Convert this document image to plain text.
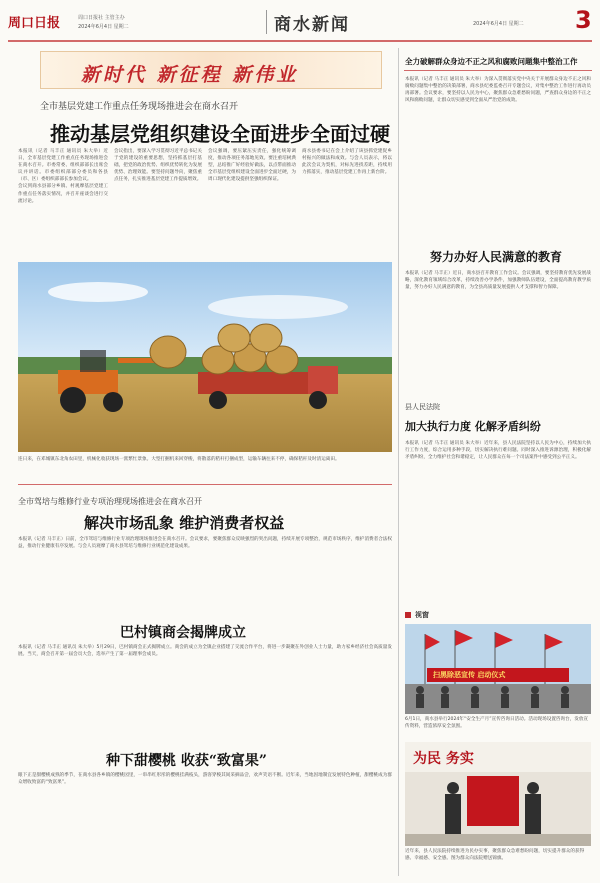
周口日报	周口日报社 主管主办
2024年6月4日 星期二	商水新闻	2024年6月4日 星期二 3
新时代 新征程 新伟业
全市基层党建工作重点任务现场推进会在商水召开
推动基层党组织建设全面进步全面过硬
本报讯（记者 马丰正 通讯员 朱大举）近日，全市基层党建工作重点任务现场推进会在商水召开。市委常委、组织部部长出席会议并讲话。市委组织部部分委员和各县（市、区）委组织部部长参加会议。
会议到商水县部分乡镇、村观摩基层党建工作重点任务落实情况，并召开座谈会进行交流讨论。
会议指出，要深入学习贯彻习近平总书记关于党的建设的重要思想，坚持抓基层打基础，把党的政治优势、组织优势转化为发展优势、治理效能。要坚持问题导向，聚焦重点任务，扎实推进基层党建工作提质增效。
会议强调，要压紧压实责任，强化统筹调度，推动各项任务落地见效。要注重培树典型，总结推广好经验好做法，以点带面推动全市基层党组织建设全面进步全面过硬，为周口现代化建设提供坚强组织保证。
商水县委书记在会上介绍了该县抓党建促乡村振兴的做法和成效。与会人员表示，将以此次会议为契机，对标先进找差距，持续用力抓落实，推动基层党建工作再上新台阶。
连日来，在邓城镇东北角农田里，机械化收获现场一派繁忙景象。大型打捆机来回穿梭，将散落的秸秆打捆成型，运输车辆往来不停，确保秸秆及时清运离田。
全市驾培与维修行业专项治理现场推进会在商水召开
解决市场乱象 维护消费者权益
本报讯（记者 马丰正）日前，全市驾培与维修行业专项治理现场推进会在商水召开。会议要求，要聚焦群众反映强烈的突出问题，持续开展专项整治，规范市场秩序，维护消费者合法权益，推动行业健康有序发展。与会人员观摩了商水县驾培与维修行业规范化建设成果。
巴村镇商会揭牌成立
本报讯（记者 马丰正 通讯员 朱大举）5月29日，巴村镇商会正式揭牌成立。商会的成立为全镇企业搭建了交流合作平台，将进一步凝聚在外创业人士力量，助力家乡经济社会高质量发展。当天，商会召开第一届会员大会，选举产生了第一届理事会成员。
种下甜樱桃 收获“致富果”
眼下正是甜樱桃成熟的季节，在商水县各乡镇的樱桃园里，一串串红彤彤的樱桃挂满枝头，游客穿梭其间采摘品尝，欢声笑语不断。近年来，当地因地制宜发展特色种植，甜樱桃成为群众增收致富的“致富果”。
全力破解群众身边不正之风和腐败问题集中整治工作
本报讯（记者 马丰正 通讯员 朱大举）为深入贯彻落实党中央关于开展群众身边不正之风和腐败问题集中整治的决策部署，商水县纪委监委召开专题会议，对集中整治工作进行再动员再部署。会议要求，要坚持以人民为中心，聚焦群众急难愁盼问题，严查群众身边的不正之风和腐败问题，让群众切实感受到全面从严治党的成效。
努力办好人民满意的教育
本报讯（记者 马丰正）近日，商水县召开教育工作会议。会议强调，要坚持教育优先发展战略，深化教育领域综合改革，持续改善办学条件，加强教师队伍建设，全面提高教育教学质量，努力办好人民满意的教育，为全县高质量发展提供人才支撑和智力保障。
县人民法院
加大执行力度 化解矛盾纠纷
本报讯（记者 马丰正 通讯员 朱大举）近年来，县人民法院坚持以人民为中心，持续加大执行工作力度，综合运用多种手段，切实解决执行难问题。同时深入推进诉源治理，积极化解矛盾纠纷，全力维护社会和谐稳定，让人民群众在每一个司法案件中感受到公平正义。
视窗
扫黑除恶宣传 启动仪式
6月1日，商水县举行2024年“安全生产月”宣传咨询日活动。活动现场设置咨询台，发放宣传资料，营造浓厚安全氛围。
为民 务实
近年来，县人民法院持续推进为民办实事，聚焦群众急难愁盼问题，切实提升群众的获得感、幸福感、安全感。图为群众向法院赠送锦旗。
